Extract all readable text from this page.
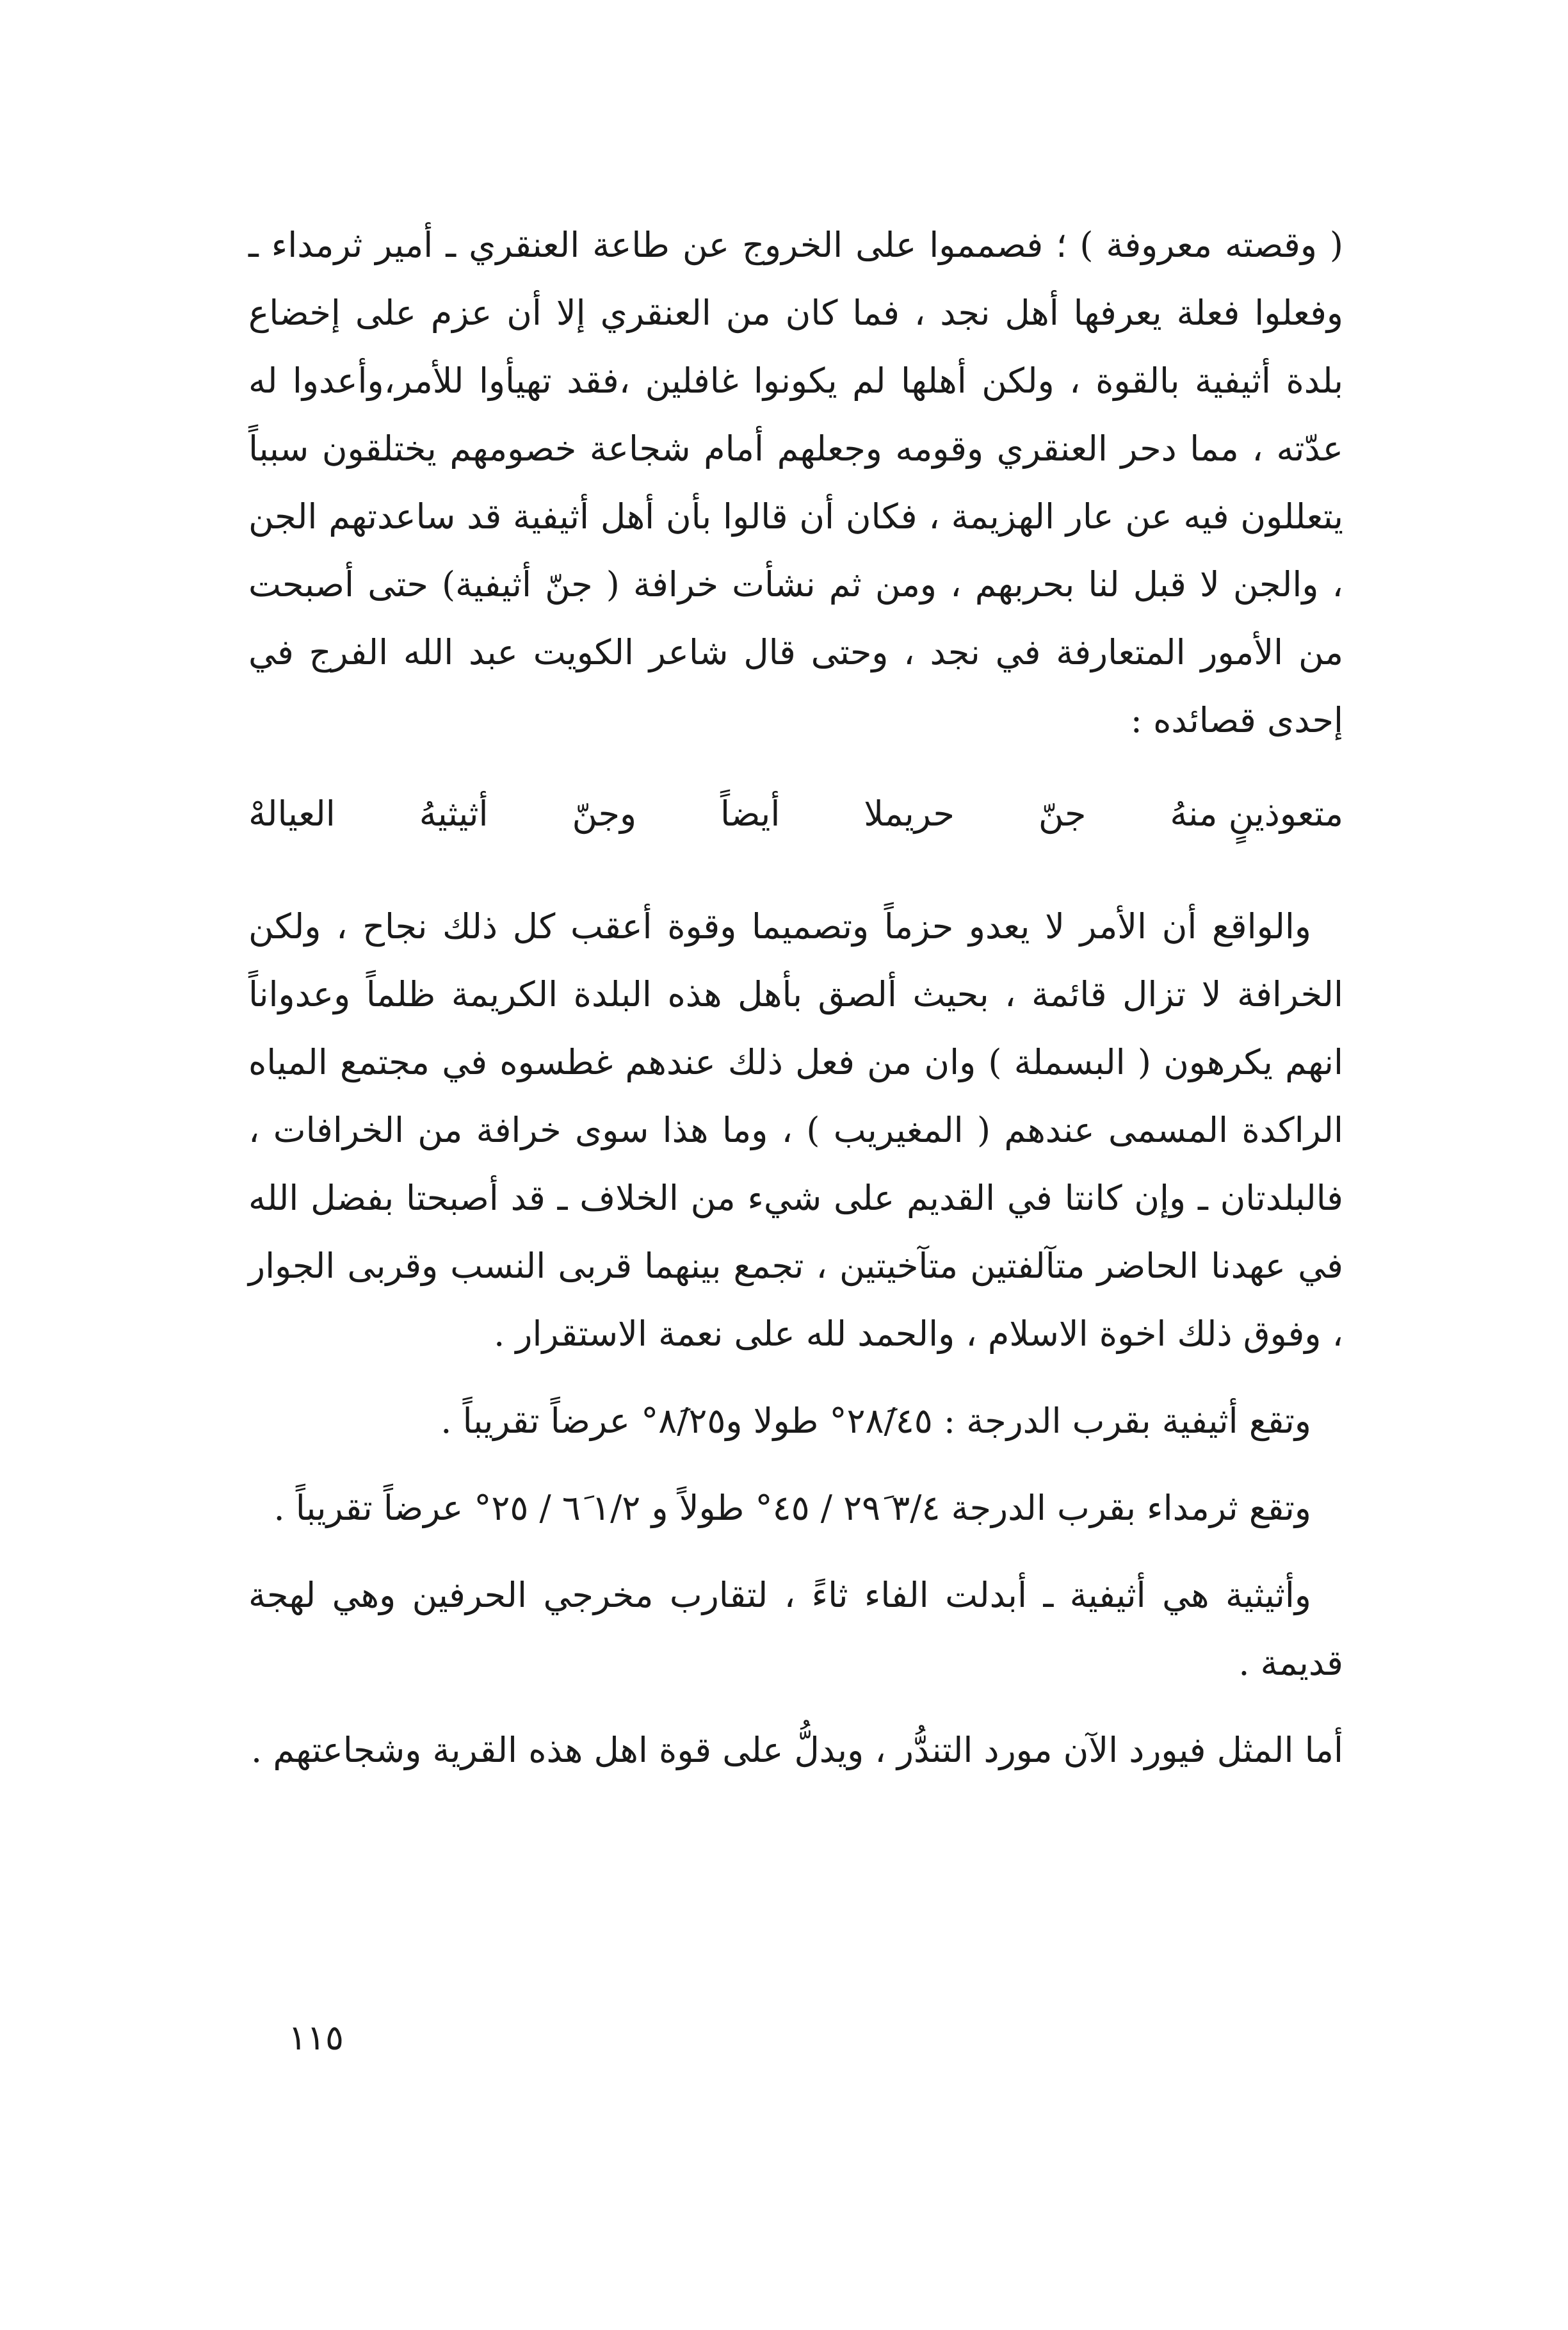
( وقصته معروفة ) ؛ فصمموا على الخروج عن طاعة العنقري ـ أمير ثرمداء ـ وفعلوا فعلة يعرفها أهل نجد ، فما كان من العنقري إلا أن عزم على إخضاع بلدة أثيفية بالقوة ، ولكن أهلها لم يكونوا غافلين ،فقد تهيأوا للأمر،وأعدوا له عدّته ، مما دحر العنقري وقومه وجعلهم أمام شجاعة خصومهم يختلقون سبباً يتعللون فيه عن عار الهزيمة ، فكان أن قالوا بأن أهل أثيفية قد ساعدتهم الجن ، والجن لا قبل لنا بحربهم ، ومن ثم نشأت خرافة ( جنّ أثيفية) حتى أصبحت من الأمور المتعارفة في نجد ، وحتى قال شاعر الكويت عبد الله الفرج في إحدى قصائده :

متعوذينٍ منهُ
جنّ
حريملا
أيضاً
وجنّ
أثيثيهُ
العيالهْ

والواقع أن الأمر لا يعدو حزماً وتصميما وقوة أعقب كل ذلك نجاح ، ولكن الخرافة لا تزال قائمة ، بحيث ألصق بأهل هذه البلدة الكريمة ظلماً وعدواناً انهم يكرهون ( البسملة ) وان من فعل ذلك عندهم غطسوه في مجتمع المياه الراكدة المسمى عندهم ( المغيريب ) ، وما هذا سوى خرافة من الخرافات ، فالبلدتان ـ وإن كانتا في القديم على شيء من الخلاف ـ قد أصبحتا بفضل الله في عهدنا الحاضر متآلفتين متآخيتين ، تجمع بينهما قربى النسب وقربى الجوار ، وفوق ذلك اخوة الاسلام ، والحمد لله على نعمة الاستقرار .

وتقع أثيفية بقرب الدرجة : ٢٨َ/٤٥° طولا و٨َ/٢٥° عرضاً تقريباً .

وتقع ثرمداء بقرب الدرجة ٣/٤ ٢٩َ / ٤٥° طولاً و ١/٢ ٦َ / ٢٥° عرضاً تقريباً .

وأثيثية هي أثيفية ـ أبدلت الفاء ثاءً ، لتقارب مخرجي الحرفين وهي لهجة قديمة .

أما المثل فيورد الآن مورد التندُّر ، ويدلُّ على قوة اهل هذه القرية وشجاعتهم .

١١٥
